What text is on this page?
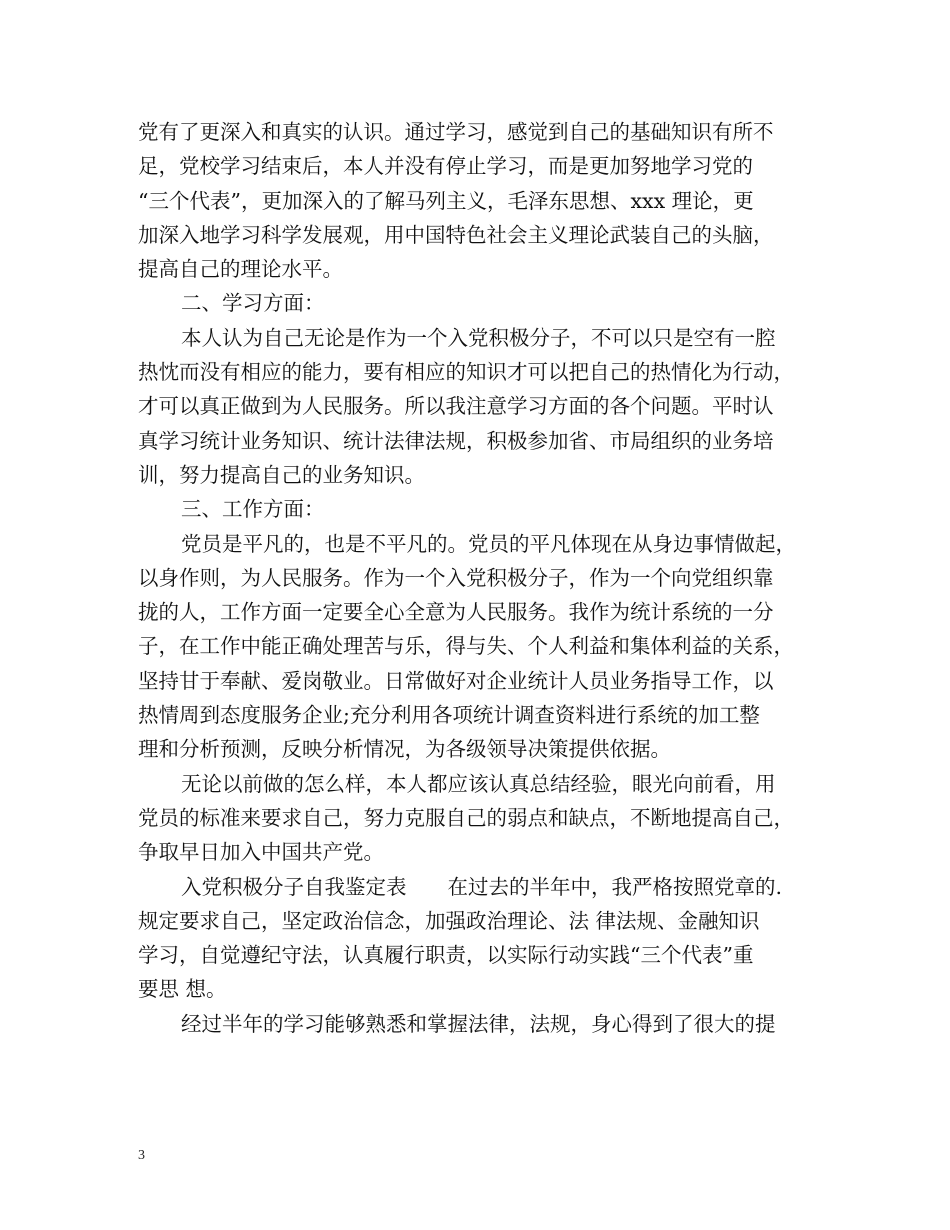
党有了更深入和真实的认识。通过学习，感觉到自己的基础知识有所不
足，党校学习结束后，本人并没有停止学习，而是更加努地学习党的
“三个代表”，更加深入的了解马列主义，毛泽东思想、xxx 理论，更
加深入地学习科学发展观，用中国特色社会主义理论武装自己的头脑，
提高自己的理论水平。
二、学习方面：
本人认为自己无论是作为一个入党积极分子，不可以只是空有一腔
热忱而没有相应的能力，要有相应的知识才可以把自己的热情化为行动，
才可以真正做到为人民服务。所以我注意学习方面的各个问题。平时认
真学习统计业务知识、统计法律法规，积极参加省、市局组织的业务培
训，努力提高自己的业务知识。
三、工作方面：
党员是平凡的，也是不平凡的。党员的平凡体现在从身边事情做起，
以身作则，为人民服务。作为一个入党积极分子，作为一个向党组织靠
拢的人，工作方面一定要全心全意为人民服务。我作为统计系统的一分
子，在工作中能正确处理苦与乐，得与失、个人利益和集体利益的关系，
坚持甘于奉献、爱岗敬业。日常做好对企业统计人员业务指导工作，以
热情周到态度服务企业;充分利用各项统计调查资料进行系统的加工整
理和分析预测，反映分析情况，为各级领导决策提供依据。
无论以前做的怎么样，本人都应该认真总结经验，眼光向前看，用
党员的标准来要求自己，努力克服自己的弱点和缺点，不断地提高自己，
争取早日加入中国共产党。
入党积极分子自我鉴定表　　在过去的半年中，我严格按照党章的.
规定要求自己，坚定政治信念，加强政治理论、法 律法规、金融知识
学习，自觉遵纪守法，认真履行职责，以实际行动实践“三个代表”重
要思 想。
经过半年的学习能够熟悉和掌握法律，法规，身心得到了很大的提
3
